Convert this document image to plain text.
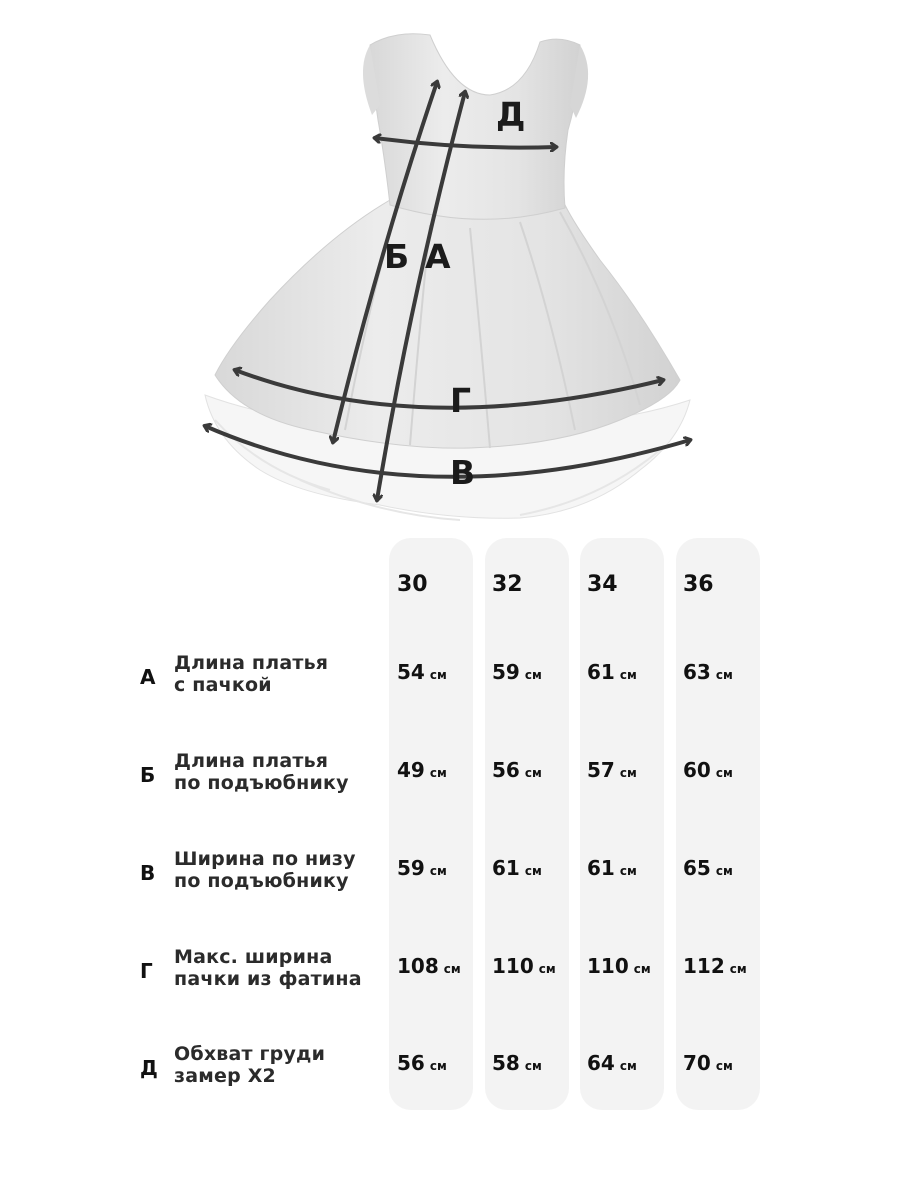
Д
Б А
Г
В
30	32	34	36
А
Длина платья
с пачкой
54 см 59 см 61 см 63 см
Б
Длина платья
по подъюбнику
49 см 56 см 57 см 60 см
В
Ширина по низу
по подъюбнику
59 см 61 см 61 см 65 см
Г
Макс. ширина
пачки из фатина
108 см 110 см 110 см 112 см
Д
Обхват груди
замер Х2
56 см 58 см 64 см 70 см
